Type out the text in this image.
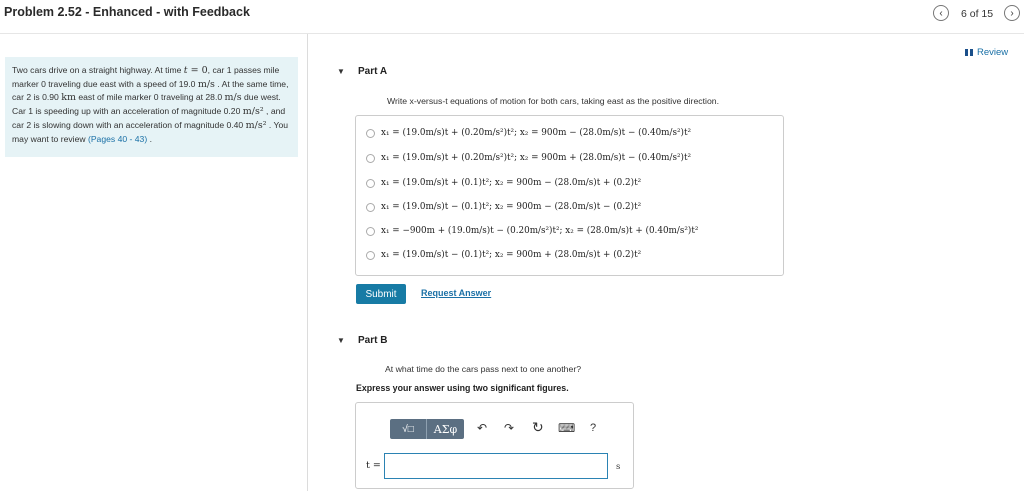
Problem 2.52 - Enhanced - with Feedback	‹ 6 of 15 ›
Two cars drive on a straight highway. At time t = 0, car 1 passes mile marker 0 traveling due east with a speed of 19.0 m/s . At the same time, car 2 is 0.90 km east of mile marker 0 traveling at 28.0 m/s due west. Car 1 is speeding up with an acceleration of magnitude 0.20 m/s² , and car 2 is slowing down with an acceleration of magnitude 0.40 m/s² . You may want to review (Pages 40 - 43) .
Review
▼ Part A
Write x-versus-t equations of motion for both cars, taking east as the positive direction.
x₁ = (19.0m/s)t + (0.20m/s²)t²; x₂ = 900m − (28.0m/s)t − (0.40m/s²)t²
x₁ = (19.0m/s)t + (0.20m/s²)t²; x₂ = 900m + (28.0m/s)t − (0.40m/s²)t²
x₁ = (19.0m/s)t + (0.1)t²; x₂ = 900m − (28.0m/s)t + (0.2)t²
x₁ = (19.0m/s)t − (0.1)t²; x₂ = 900m − (28.0m/s)t − (0.2)t²
x₁ = −900m + (19.0m/s)t − (0.20m/s²)t²; x₂ = (28.0m/s)t + (0.40m/s²)t²
x₁ = (19.0m/s)t − (0.1)t²; x₂ = 900m + (28.0m/s)t + (0.2)t²
Submit	Request Answer
▼ Part B
At what time do the cars pass next to one another?
Express your answer using two significant figures.
√□ ΑΣφ ↶ ↷ ↻ ⌨ ?
t =	s
